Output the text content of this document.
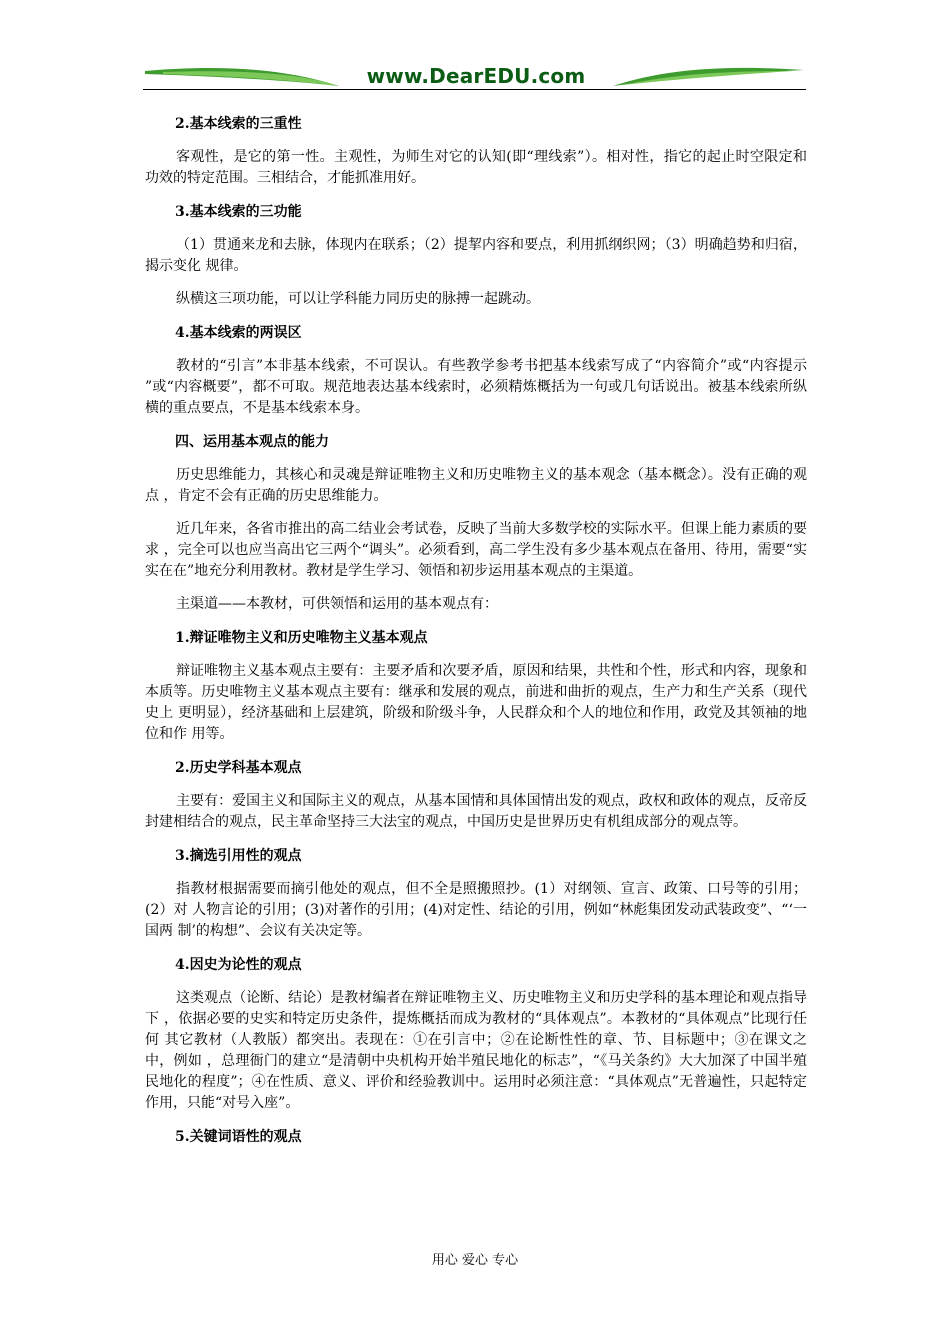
www.DearEDU.com
2.基本线索的三重性
客观性，是它的第一性。主观性，为师生对它的认知(即“理线索”）。相对性，指它的起止时空限定和 功效的特定范围。三相结合，才能抓准用好。
3.基本线索的三功能
（1）贯通来龙和去脉，体现内在联系；（2）提挈内容和要点，利用抓纲织网；（3）明确趋势和归宿，揭示变化 规律。
纵横这三项功能，可以让学科能力同历史的脉搏一起跳动。
4.基本线索的两误区
教材的“引言”本非基本线索，不可误认。有些教学参考书把基本线索写成了“内容简介”或“内容提示 ”或“内容概要”，都不可取。规范地表达基本线索时，必须精炼概括为一句或几句话说出。被基本线索所纵横的重点要点，不是基本线索本身。
四、运用基本观点的能力
历史思维能力，其核心和灵魂是辩证唯物主义和历史唯物主义的基本观念（基本概念）。没有正确的观点 ，肯定不会有正确的历史思维能力。
近几年来，各省市推出的高二结业会考试卷，反映了当前大多数学校的实际水平。但课上能力素质的要求 ，完全可以也应当高出它三两个“调头”。必须看到，高二学生没有多少基本观点在备用、待用，需要“实实在在”地充分利用教材。教材是学生学习、领悟和初步运用基本观点的主渠道。
主渠道——本教材，可供领悟和运用的基本观点有：
1.辩证唯物主义和历史唯物主义基本观点
辩证唯物主义基本观点主要有：主要矛盾和次要矛盾，原因和结果，共性和个性，形式和内容，现象和本质等。历史唯物主义基本观点主要有：继承和发展的观点，前进和曲折的观点，生产力和生产关系（现代史上 更明显），经济基础和上层建筑，阶级和阶级斗争，人民群众和个人的地位和作用，政党及其领袖的地位和作 用等。
2.历史学科基本观点
主要有：爱国主义和国际主义的观点，从基本国情和具体国情出发的观点，政权和政体的观点，反帝反封建相结合的观点，民主革命坚持三大法宝的观点，中国历史是世界历史有机组成部分的观点等。
3.摘选引用性的观点
指教材根据需要而摘引他处的观点，但不全是照搬照抄。(1）对纲领、宣言、政策、口号等的引用；(2）对 人物言论的引用；(3)对著作的引用；(4)对定性、结论的引用，例如“林彪集团发动武装政变”、“‘一国两 制’的构想”、会议有关决定等。
4.因史为论性的观点
这类观点（论断、结论）是教材编者在辩证唯物主义、历史唯物主义和历史学科的基本理论和观点指导下 ，依据必要的史实和特定历史条件，提炼概括而成为教材的“具体观点”。本教材的“具体观点”比现行任何 其它教材（人教版）都突出。表现在：①在引言中；②在论断性性的章、节、目标题中；③在课文之中，例如 ，总理衙门的建立“是清朝中央机构开始半殖民地化的标志”，“《马关条约》大大加深了中国半殖民地化的程度”；④在性质、意义、评价和经验教训中。运用时必须注意：“具体观点”无普遍性，只起特定作用，只能“对号入座”。
5.关键词语性的观点
用心 爱心 专心
